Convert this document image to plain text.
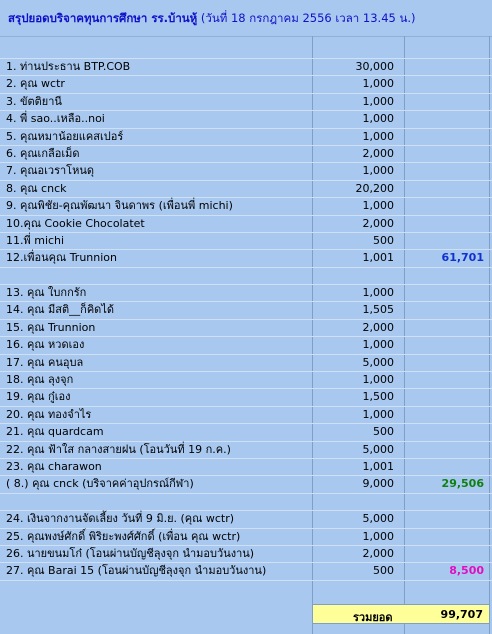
สรุปยอดบริจาคทุนการศึกษา รร.บ้านหู้ (วันที่ 18 กรกฎาคม 2556 เวลา 13.45 น.)
1. ท่านประธาน BTP.COB	30,000
2. คุณ wctr	1,000
3. ขัตติยานี	1,000
4. พี่ sao..เหลือ..noi	1,000
5. คุณหมาน้อยแคสเปอร์	1,000
6. คุณเกลือเม็ด	2,000
7. คุณอเวราโหนดุ	1,000
8. คุณ cnck	20,200
9. คุณพิชัย-คุณพัฒนา จินดาพร (เพื่อนพี่ michi)	1,000
10.คุณ Cookie Chocolatet	2,000
11.พี่ michi	500
12.เพื่อนคุณ Trunnion	1,001	61,701
13. คุณ ใบกกรัก	1,000
14. คุณ มีสติ__ก็คิดได้	1,505
15. คุณ Trunnion	2,000
16. คุณ หวดเอง	1,000
17. คุณ คนอุบล	5,000
18. คุณ ลุงจุก	1,000
19. คุณ กู๋เอง	1,500
20. คุณ ทองจำไร	1,000
21. คุณ quardcam	500
22. คุณ ฟ้าใส กลางสายฝน (โอนวันที่ 19 ก.ค.)	5,000
23. คุณ charawon	1,001
( 8.) คุณ cnck (บริจาคค่าอุปกรณ์กีฬา)	9,000	29,506
24. เงินจากงานจัดเลี้ยง วันที่ 9 มิ.ย. (คุณ wctr)	5,000
25. คุณพงษ์ศักดิ์ พิริยะพงศ์ศักดิ์ (เพื่อน คุณ wctr)	1,000
26. นายขนมโก๋ (โอนผ่านบัญชีลุงจุก นำมอบวันงาน)	2,000
27. คุณ Barai 15 (โอนผ่านบัญชีลุงจุก นำมอบวันงาน)	500	8,500
รวมยอด	99,707
